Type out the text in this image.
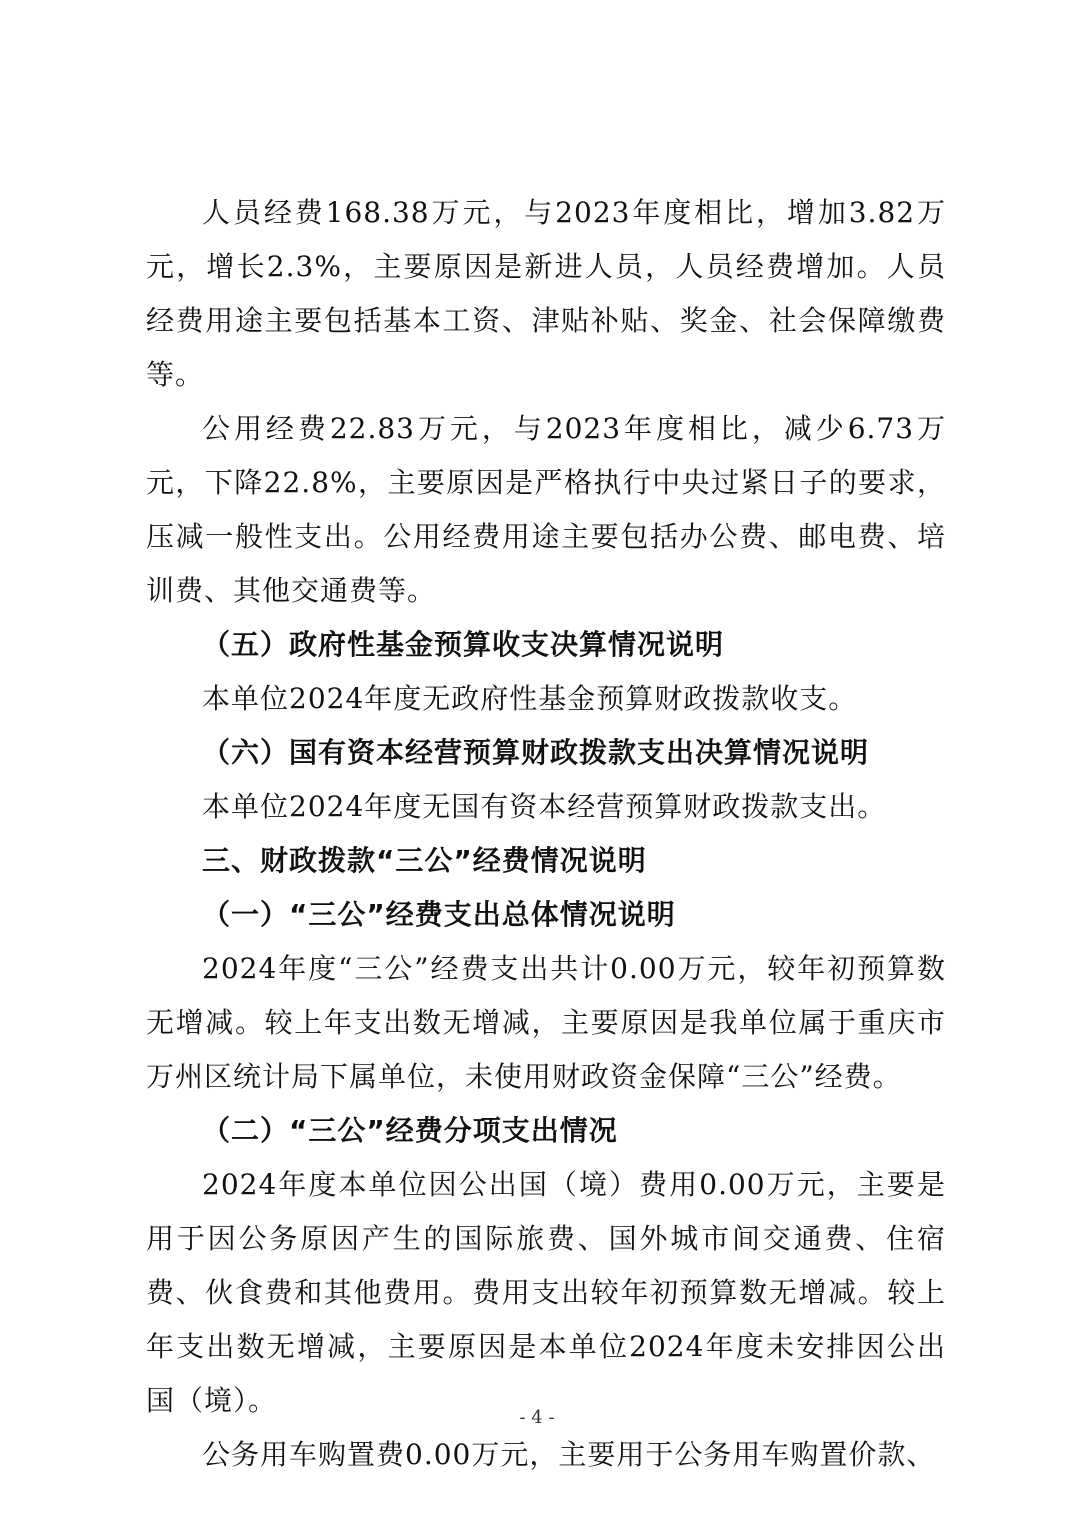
人员经费168.38万元，与2023年度相比，增加3.82万元，增长2.3%，主要原因是新进人员，人员经费增加。人员经费用途主要包括基本工资、津贴补贴、奖金、社会保障缴费等。

公用经费22.83万元，与2023年度相比，减少6.73万元，下降22.8%，主要原因是严格执行中央过紧日子的要求，压减一般性支出。公用经费用途主要包括办公费、邮电费、培训费、其他交通费等。

（五）政府性基金预算收支决算情况说明

本单位2024年度无政府性基金预算财政拨款收支。

（六）国有资本经营预算财政拨款支出决算情况说明

本单位2024年度无国有资本经营预算财政拨款支出。

三、财政拨款“三公”经费情况说明

（一）“三公”经费支出总体情况说明

2024年度“三公”经费支出共计0.00万元，较年初预算数无增减。较上年支出数无增减，主要原因是我单位属于重庆市万州区统计局下属单位，未使用财政资金保障“三公”经费。

（二）“三公”经费分项支出情况

2024年度本单位因公出国（境）费用0.00万元，主要是用于因公务原因产生的国际旅费、国外城市间交通费、住宿费、伙食费和其他费用。费用支出较年初预算数无增减。较上年支出数无增减，主要原因是本单位2024年度未安排因公出国（境）。

公务用车购置费0.00万元，主要用于公务用车购置价款、

- 4 -
